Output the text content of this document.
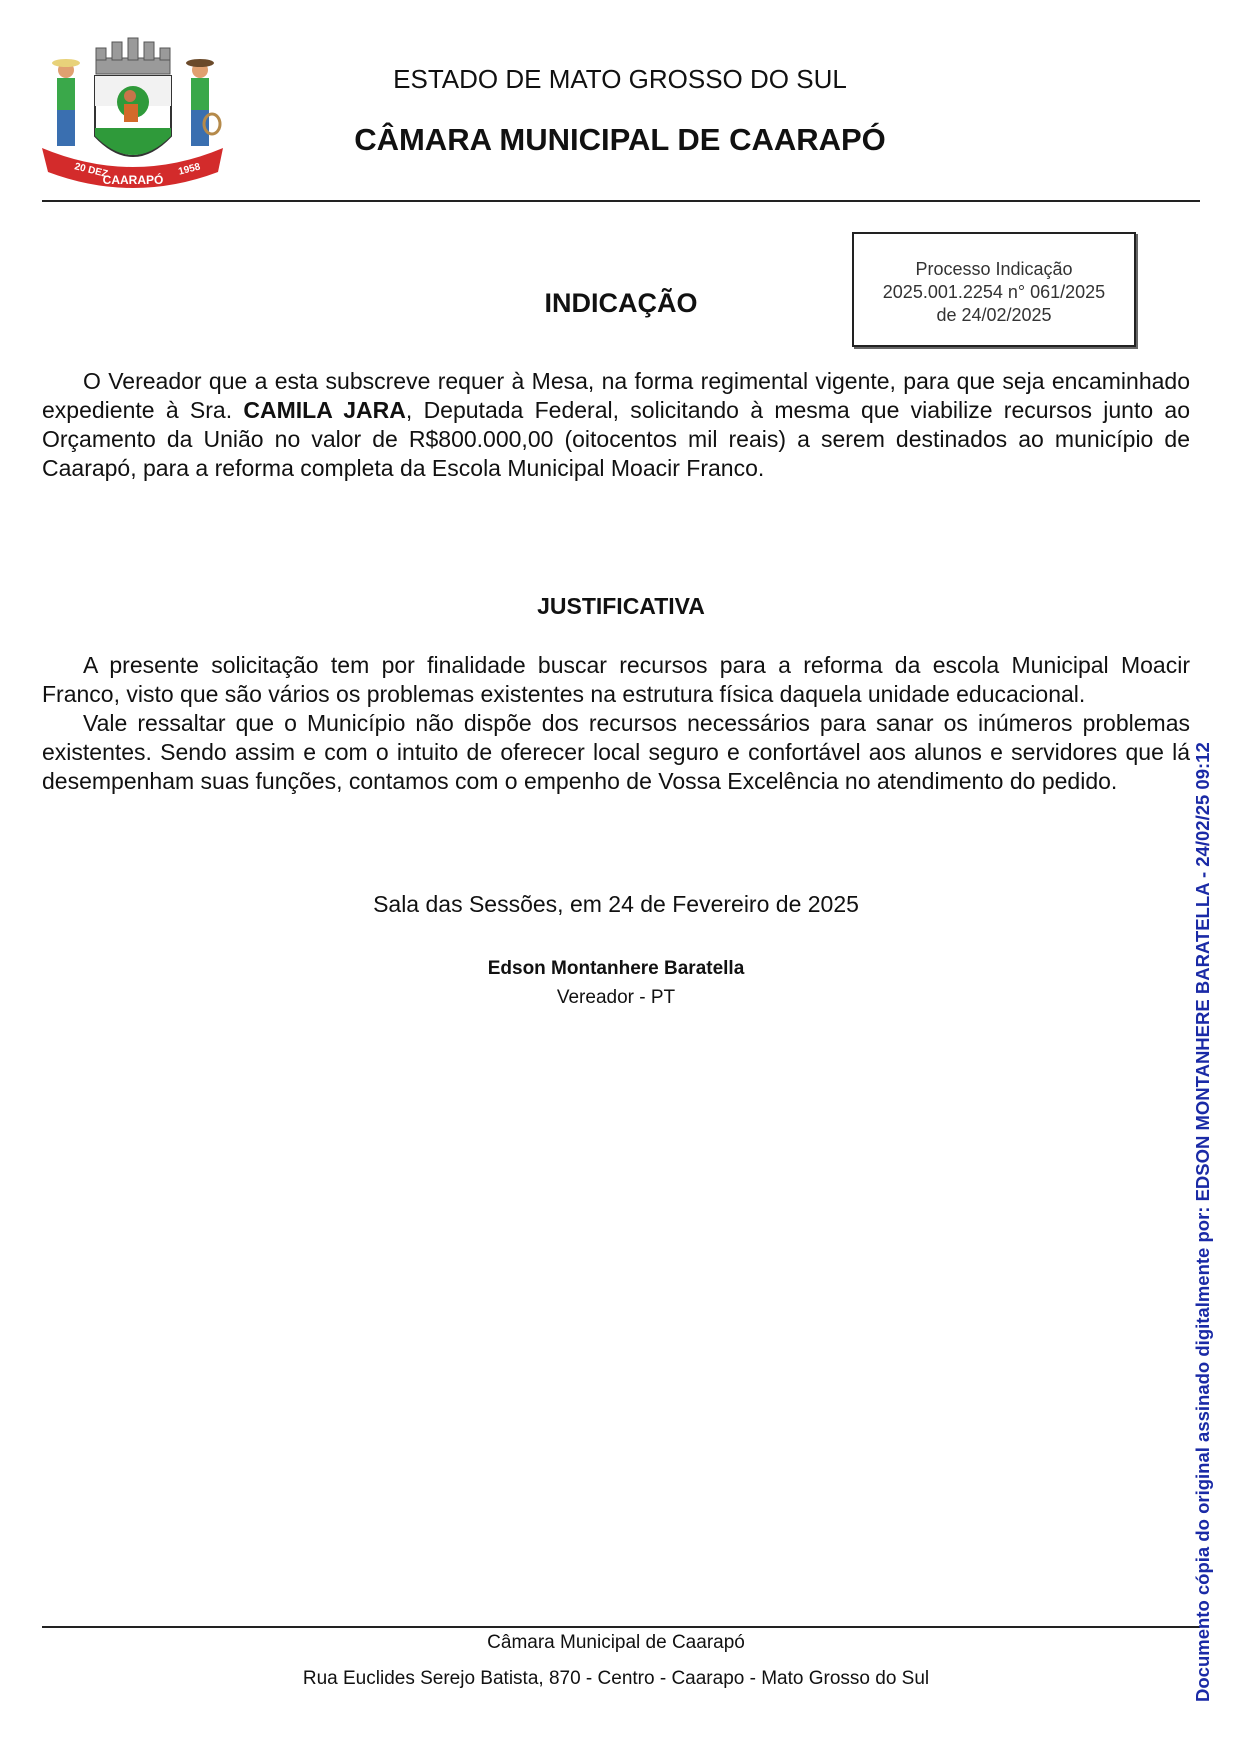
20 DEZ
CAARAPÓ
1958
ESTADO DE MATO GROSSO DO SUL
CÂMARA MUNICIPAL DE CAARAPÓ
Processo Indicação
2025.001.2254 n° 061/2025
de 24/02/2025
INDICAÇÃO
O Vereador que a esta subscreve requer à Mesa, na forma regimental vigente, para que seja encaminhado expediente à Sra. CAMILA JARA, Deputada Federal, solicitando à mesma que viabilize recursos junto ao Orçamento da União no valor de R$800.000,00 (oitocentos mil reais) a serem destinados ao município de Caarapó, para a reforma completa da Escola Municipal Moacir Franco.
JUSTIFICATIVA
A presente solicitação tem por finalidade buscar recursos para a reforma da escola Municipal Moacir Franco, visto que são vários os problemas existentes na estrutura física daquela unidade educacional.
Vale ressaltar que o Município não dispõe dos recursos necessários para sanar os inúmeros problemas existentes. Sendo assim e com o intuito de oferecer local seguro e confortável aos alunos e servidores que lá desempenham suas funções, contamos com o empenho de Vossa Excelência no atendimento do pedido.
Sala das Sessões, em 24 de Fevereiro de 2025
Edson Montanhere Baratella
Vereador - PT
Câmara Municipal de Caarapó
Rua Euclides Serejo Batista, 870 - Centro - Caarapo - Mato Grosso do Sul	Documento cópia do original assinado digitalmente por: EDSON MONTANHERE BARATELLA - 24/02/25 09:12
